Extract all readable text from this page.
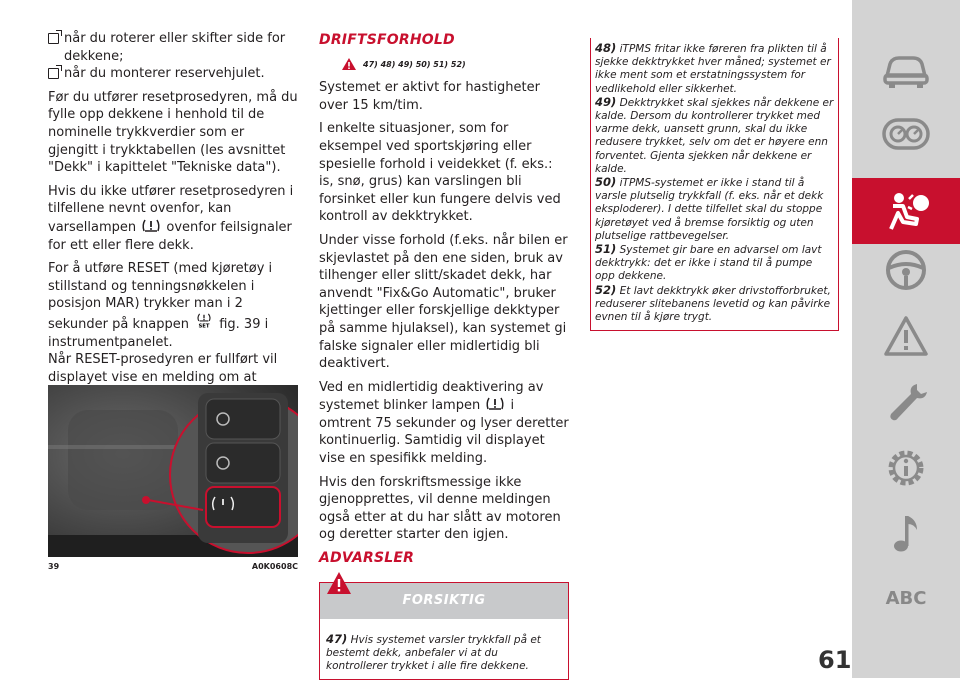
når du roterer eller skifter side for dekkene;
når du monterer reservehjulet.

Før du utfører resetprosedyren, må du fylle opp dekkene i henhold til de nominelle trykkverdier som er gjengitt i trykktabellen (les avsnittet "Dekk" i kapittelet "Tekniske data").

Hvis du ikke utfører resetprosedyren i tilfellene nevnt ovenfor, kan varsellampen ovenfor feilsignaler for ett eller flere dekk.

For å utføre RESET (med kjøretøy i stillstand og tenningsnøkkelen i posisjon MAR) trykker man i 2 sekunder på knappen SET fig. 39 i instrumentpanelet.

Når RESET-prosedyren er fullført vil displayet vise en melding om at

39	A0K0608C
DRIFTSFORHOLD
47) 48) 49) 50) 51) 52)

Systemet er aktivt for hastigheter over 15 km/tim.

I enkelte situasjoner, som for eksempel ved sportskjøring eller spesielle forhold i veidekket (f. eks.: is, snø, grus) kan varslingen bli forsinket eller kun fungere delvis ved kontroll av dekktrykket.

Under visse forhold (f.eks. når bilen er skjevlastet på den ene siden, bruk av tilhenger eller slitt/skadet dekk, har anvendt "Fix&Go Automatic", bruker kjettinger eller forskjellige dekktyper på samme hjulaksel), kan systemet gi falske signaler eller midlertidig bli deaktivert.

Ved en midlertidig deaktivering av systemet blinker lampen i omtrent 75 sekunder og lyser deretter kontinuerlig. Samtidig vil displayet vise en spesifikk melding.

Hvis den forskriftsmessige ikke gjenopprettes, vil denne meldingen også etter at du har slått av motoren og deretter starter den igjen.

ADVARSLER
FORSIKTIG
47) Hvis systemet varsler trykkfall på et bestemt dekk, anbefaler vi at du kontrollerer trykket i alle fire dekkene.
48) iTPMS fritar ikke føreren fra plikten til å sjekke dekktrykket hver måned; systemet er ikke ment som et erstatningssystem for vedlikehold eller sikkerhet.
49) Dekktrykket skal sjekkes når dekkene er kalde. Dersom du kontrollerer trykket med varme dekk, uansett grunn, skal du ikke redusere trykket, selv om det er høyere enn forventet. Gjenta sjekken når dekkene er kalde.
50) iTPMS-systemet er ikke i stand til å varsle plutselig trykkfall (f. eks. når et dekk eksploderer). I dette tilfellet skal du stoppe kjøretøyet ved å bremse forsiktig og uten plutselige rattbevegelser.
51) Systemet gir bare en advarsel om lavt dekktrykk: det er ikke i stand til å pumpe opp dekkene.
52) Et lavt dekktrykk øker drivstofforbruket, reduserer slitebanens levetid og kan påvirke evnen til å kjøre trygt.
ABC
61
